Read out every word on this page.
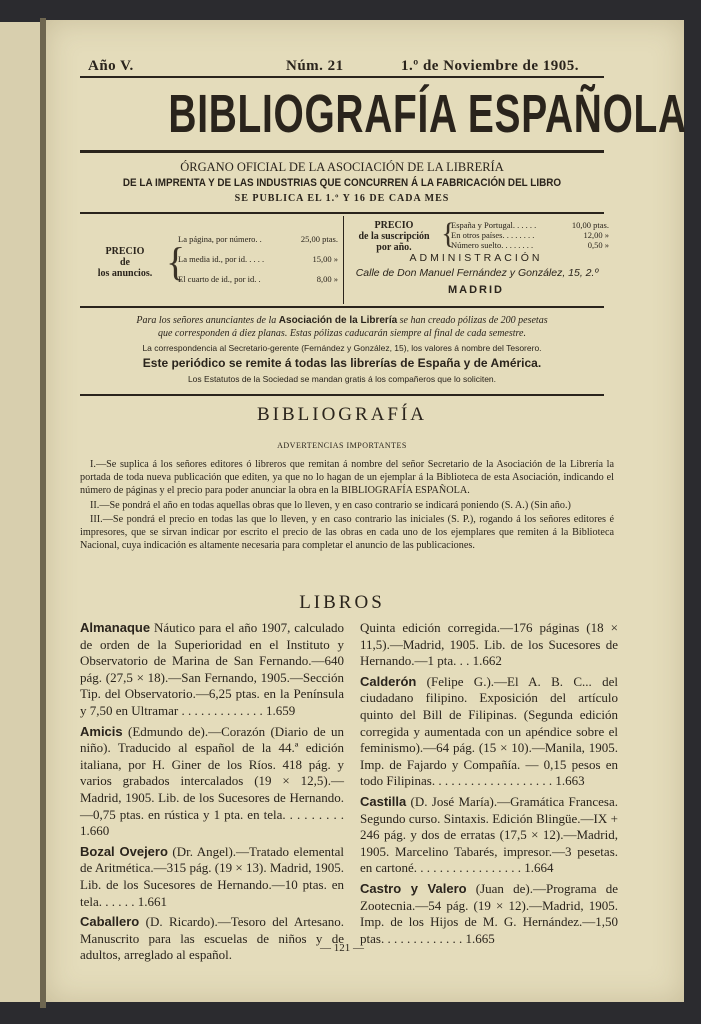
Año V.	Núm. 21	1.º de Noviembre de 1905.
BIBLIOGRAFÍA ESPAÑOLA
ÓRGANO OFICIAL DE LA ASOCIACIÓN DE LA LIBRERÍA
DE LA IMPRENTA Y DE LAS INDUSTRIAS QUE CONCURREN Á LA FABRICACIÓN DEL LIBRO
SE PUBLICA EL 1.º Y 16 DE CADA MES
PRECIO
de
los anuncios. {
La página, por número. .	25,00 ptas.
La media id., por id. . . . .	15,00 »
El cuarto de id., por id. .	8,00 »
PRECIO
de la suscripción
por año. {
España y Portugal. . . . . .	10,00 ptas.
En otros países. . . . . . . .	12,00 »
Número suelto. . . . . . . .	0,50 »
ADMINISTRACIÓN
Calle de Don Manuel Fernández y González, 15, 2.º
MADRID
Para los señores anunciantes de la Asociación de la Librería se han creado pólizas de 200 pesetas
que corresponden á diez planas. Estas pólizas caducarán siempre al final de cada semestre.
La correspondencia al Secretario-gerente (Fernández y González, 15), los valores á nombre del Tesorero.
Este periódico se remite á todas las librerías de España y de América.
Los Estatutos de la Sociedad se mandan gratis á los compañeros que lo soliciten.
BIBLIOGRAFÍA
ADVERTENCIAS IMPORTANTES

I.—Se suplica á los señores editores ó libreros que remitan á nombre del señor Secretario de la Asociación de la Librería la portada de toda nueva publicación que editen, ya que no lo hagan de un ejemplar á la Biblioteca de esta Asociación, indicando el número de páginas y el precio para poder anunciar la obra en la BIBLIOGRAFÍA ESPAÑOLA.

II.—Se pondrá el año en todas aquellas obras que lo lleven, y en caso contrario se indicará poniendo (S. A.) (Sin año.)

III.—Se pondrá el precio en todas las que lo lleven, y en caso contrario las iniciales (S. P.), rogando á los señores editores é impresores, que se sirvan indicar por escrito el precio de las obras en cada uno de los ejemplares que remiten á la Biblioteca Nacional, cuya indicación es altamente necesaria para completar el anuncio de las publicaciones.

LIBROS

Almanaque Náutico para el año 1907, calculado de orden de la Superioridad en el Instituto y Observatorio de Marina de San Fernando.—640 pág. (27,5 × 18).—San Fernando, 1905.—Sección Tip. del Observatorio.—6,25 ptas. en la Península y 7,50 en Ultramar . . . . . . . . . . . . . 1.659

Amicis (Edmundo de).—Corazón (Diario de un niño). Traducido al español de la 44.ª edición italiana, por H. Giner de los Ríos. 418 pág. y varios grabados intercalados (19 × 12,5).—Madrid, 1905. Lib. de los Sucesores de Hernando.—0,75 ptas. en rústica y 1 pta. en tela. . . . . . . . . 1.660

Bozal Ovejero (Dr. Angel).—Tratado elemental de Aritmética.—315 pág. (19 × 13). Madrid, 1905. Lib. de los Sucesores de Hernando.—10 ptas. en tela. . . . . . 1.661

Caballero (D. Ricardo).—Tesoro del Artesano. Manuscrito para las escuelas de niños y de adultos, arreglado al español.

Quinta edición corregida.—176 páginas (18 × 11,5).—Madrid, 1905. Lib. de los Sucesores de Hernando.—1 pta. . . 1.662

Calderón (Felipe G.).—El A. B. C... del ciudadano filipino. Exposición del artículo quinto del Bill de Filipinas. (Segunda edición corregida y aumentada con un apéndice sobre el feminismo).—64 pág. (15 × 10).—Manila, 1905. Imp. de Fajardo y Compañía. — 0,15 pesos en todo Filipinas. . . . . . . . . . . . . . . . . . . 1.663

Castilla (D. José María).—Gramática Francesa. Segundo curso. Sintaxis. Edición Blingüe.—IX + 246 pág. y dos de erratas (17,5 × 12).—Madrid, 1905. Marcelino Tabarés, impresor.—3 pesetas. en cartoné. . . . . . . . . . . . . . . . . 1.664

Castro y Valero (Juan de).—Programa de Zootecnia.—54 pág. (19 × 12).—Madrid, 1905. Imp. de los Hijos de M. G. Hernández.—1,50 ptas. . . . . . . . . . . . . 1.665

— 121 —
